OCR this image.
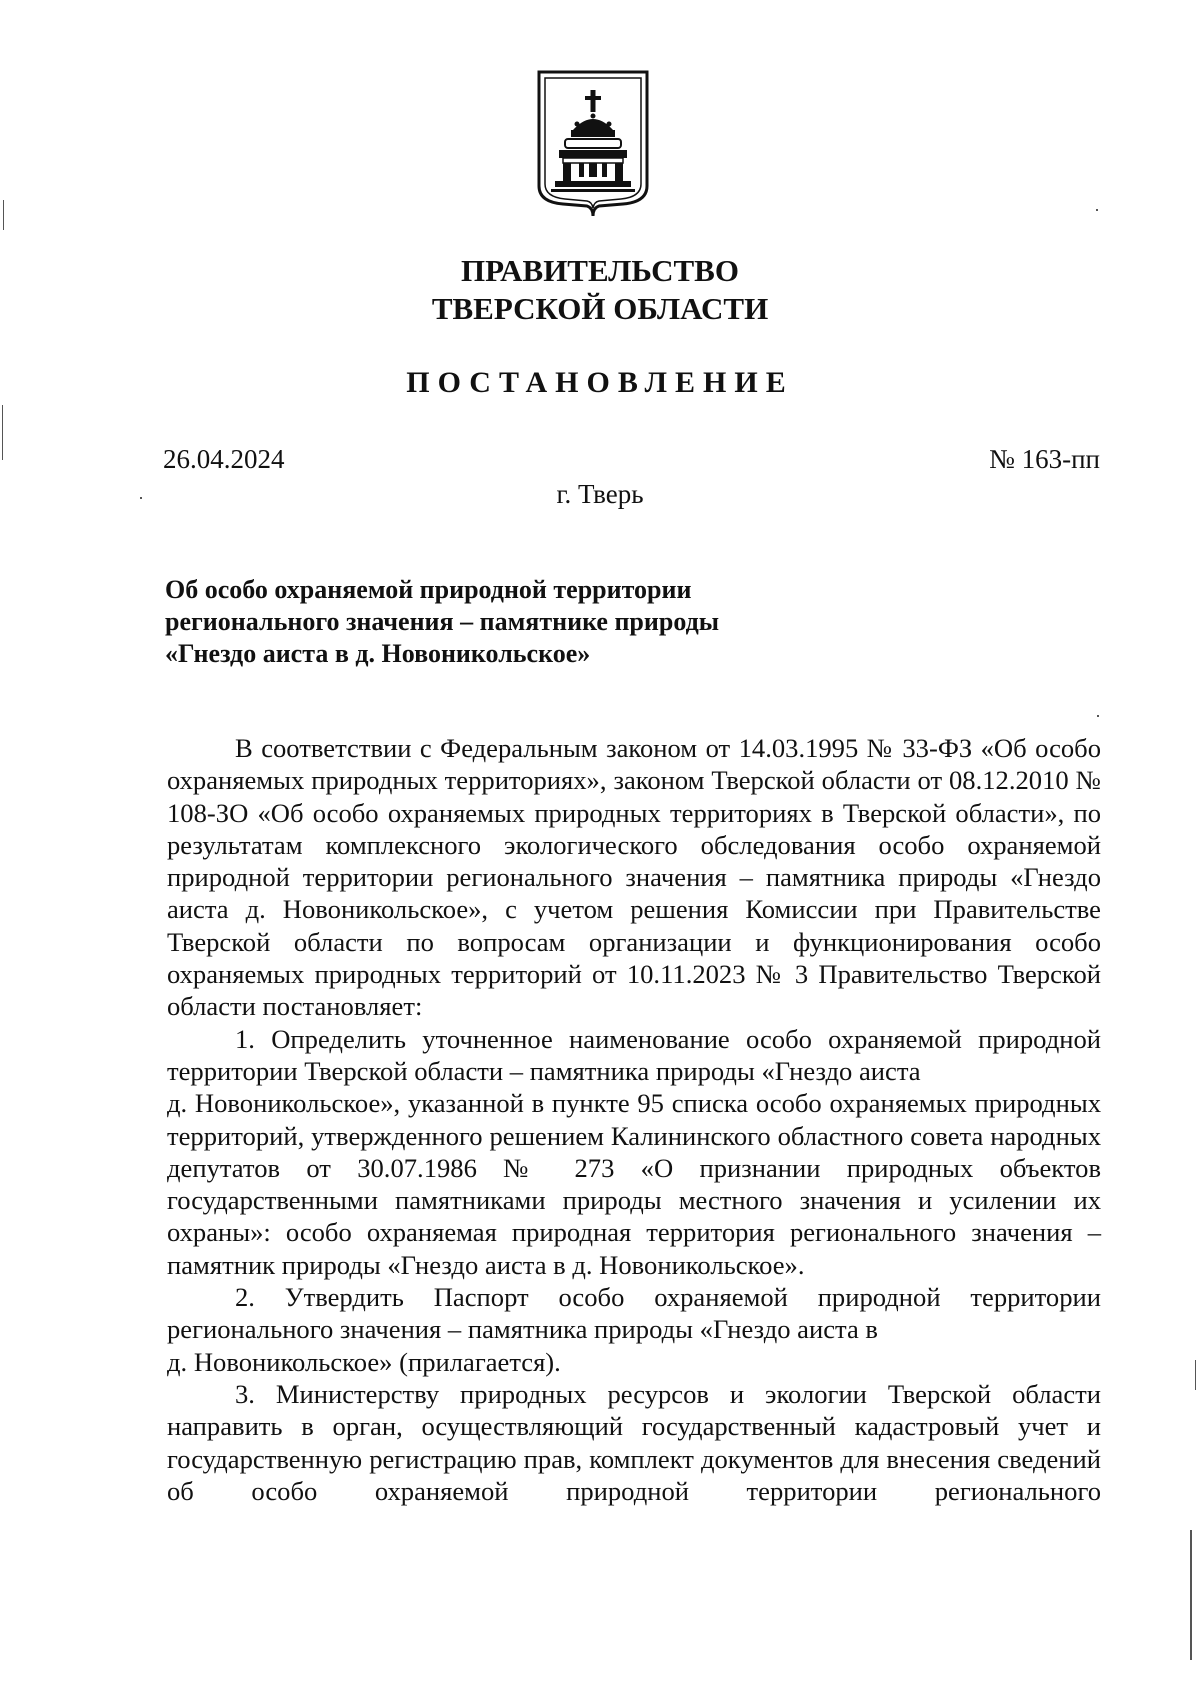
ПРАВИТЕЛЬСТВО
ТВЕРСКОЙ ОБЛАСТИ
ПОСТАНОВЛЕНИЕ
26.04.2024	№ 163-пп
г. Тверь
Об особо охраняемой природной территории
регионального значения – памятнике природы
«Гнездо аиста в д. Новоникольское»

В соответствии с Федеральным законом от 14.03.1995 № 33-ФЗ «Об особо охраняемых природных территориях», законом Тверской области от 08.12.2010 № 108-ЗО «Об особо охраняемых природных территориях в Тверской области», по результатам комплексного экологического обследования особо охраняемой природной территории регионального значения – памятника природы «Гнездо аиста д. Новоникольское», с учетом решения Комиссии при Правительстве Тверской области по вопросам организации и функционирования особо охраняемых природных территорий от 10.11.2023 № 3 Правительство Тверской области постановляет:

1. Определить уточненное наименование особо охраняемой природной территории Тверской области – памятника природы «Гнездо аиста
д. Новоникольское», указанной в пункте 95 списка особо охраняемых природных территорий, утвержденного решением Калининского областного совета народных депутатов от 30.07.1986 № 273 «О признании природных объектов государственными памятниками природы местного значения и усилении их охраны»: особо охраняемая природная территория регионального значения – памятник природы «Гнездо аиста в д. Новоникольское».

2. Утвердить Паспорт особо охраняемой природной территории регионального значения – памятника природы «Гнездо аиста в
д. Новоникольское» (прилагается).

3. Министерству природных ресурсов и экологии Тверской области направить в орган, осуществляющий государственный кадастровый учет и государственную регистрацию прав, комплект документов для внесения сведений об особо охраняемой природной территории регионального
